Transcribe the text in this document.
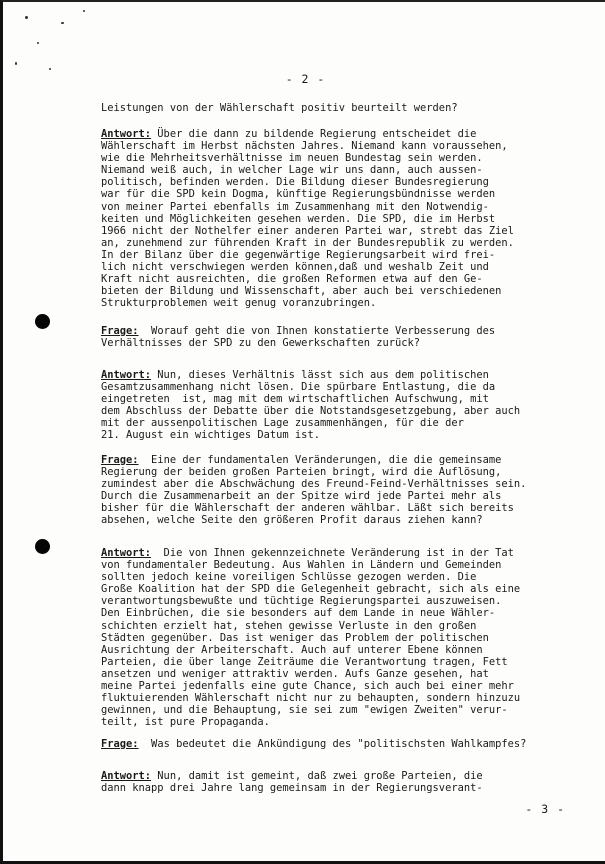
- 2 -

Leistungen von der Wählerschaft positiv beurteilt werden?

Antwort: Über die dann zu bildende Regierung entscheidet die
Wählerschaft im Herbst nächsten Jahres. Niemand kann voraussehen,
wie die Mehrheitsverhältnisse im neuen Bundestag sein werden.
Niemand weiß auch, in welcher Lage wir uns dann, auch aussen-
politisch, befinden werden. Die Bildung dieser Bundesregierung
war für die SPD kein Dogma, künftige Regierungsbündnisse werden
von meiner Partei ebenfalls im Zusammenhang mit den Notwendig-
keiten und Möglichkeiten gesehen werden. Die SPD, die im Herbst
1966 nicht der Nothelfer einer anderen Partei war, strebt das Ziel
an, zunehmend zur führenden Kraft in der Bundesrepublik zu werden.
In der Bilanz über die gegenwärtige Regierungsarbeit wird frei-
lich nicht verschwiegen werden können,daß und weshalb Zeit und
Kraft nicht ausreichten, die großen Reformen etwa auf den Ge-
bieten der Bildung und Wissenschaft, aber auch bei verschiedenen
Strukturproblemen weit genug voranzubringen.

Frage:  Worauf geht die von Ihnen konstatierte Verbesserung des
Verhältnisses der SPD zu den Gewerkschaften zurück?

Antwort: Nun, dieses Verhältnis lässt sich aus dem politischen
Gesamtzusammenhang nicht lösen. Die spürbare Entlastung, die da
eingetreten  ist, mag mit dem wirtschaftlichen Aufschwung, mit
dem Abschluss der Debatte über die Notstandsgesetzgebung, aber auch
mit der aussenpolitischen Lage zusammenhängen, für die der
21. August ein wichtiges Datum ist.

Frage:  Eine der fundamentalen Veränderungen, die die gemeinsame
Regierung der beiden großen Parteien bringt, wird die Auflösung,
zumindest aber die Abschwächung des Freund-Feind-Verhältnisses sein.
Durch die Zusammenarbeit an der Spitze wird jede Partei mehr als
bisher für die Wählerschaft der anderen wählbar. Läßt sich bereits
absehen, welche Seite den größeren Profit daraus ziehen kann?

Antwort:  Die von Ihnen gekennzeichnete Veränderung ist in der Tat
von fundamentaler Bedeutung. Aus Wahlen in Ländern und Gemeinden
sollten jedoch keine voreiligen Schlüsse gezogen werden. Die
Große Koalition hat der SPD die Gelegenheit gebracht, sich als eine
verantwortungsbewußte und tüchtige Regierungspartei auszuweisen.
Den Einbrüchen, die sie besonders auf dem Lande in neue Wähler-
schichten erzielt hat, stehen gewisse Verluste in den großen
Städten gegenüber. Das ist weniger das Problem der politischen
Ausrichtung der Arbeiterschaft. Auch auf unterer Ebene können
Parteien, die über lange Zeiträume die Verantwortung tragen, Fett
ansetzen und weniger attraktiv werden. Aufs Ganze gesehen, hat
meine Partei jedenfalls eine gute Chance, sich auch bei einer mehr
fluktuierenden Wählerschaft nicht nur zu behaupten, sondern hinzuzu
gewinnen, und die Behauptung, sie sei zum "ewigen Zweiten" verur-
teilt, ist pure Propaganda.

Frage:  Was bedeutet die Ankündigung des "politischsten Wahlkampfes?

Antwort: Nun, damit ist gemeint, daß zwei große Parteien, die
dann knapp drei Jahre lang gemeinsam in der Regierungsverant-

- 3 -
